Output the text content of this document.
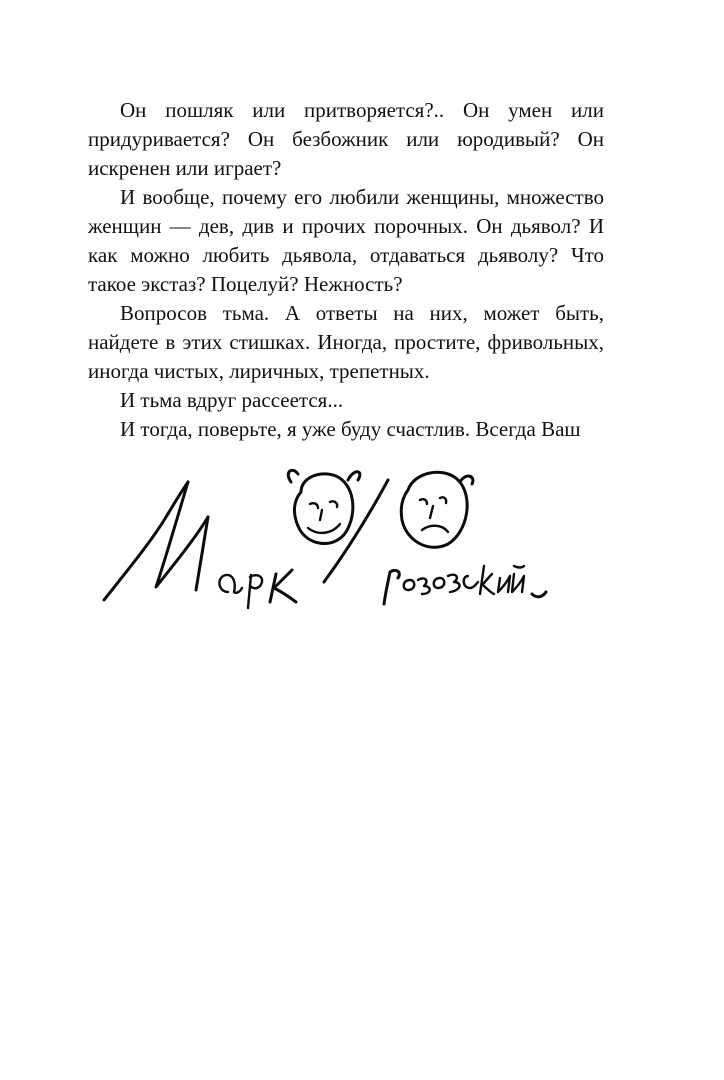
Он пошляк или притворяется?.. Он умен или придуривается? Он безбожник или юродивый? Он искренен или играет?

И вообще, почему его любили женщины, множество женщин — дев, див и прочих порочных. Он дьявол? И как можно любить дьявола, отдаваться дьяволу? Что такое экстаз? Поцелуй? Нежность?

Вопросов тьма. А ответы на них, может быть, найдете в этих стишках. Иногда, простите, фривольных, иногда чистых, лиричных, трепетных.

И тьма вдруг рассеется...

И тогда, поверьте, я уже буду счастлив. Всегда Ваш
